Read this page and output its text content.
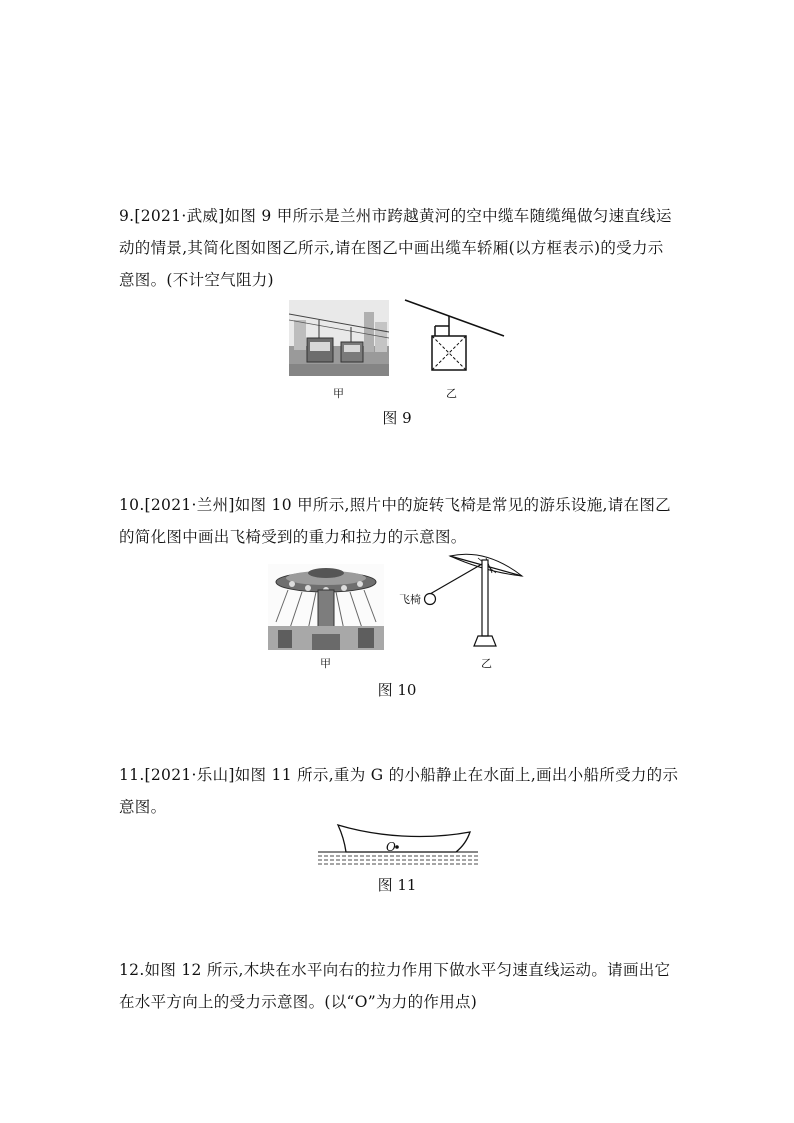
9.[2021·武威]如图 9 甲所示是兰州市跨越黄河的空中缆车随缆绳做匀速直线运动的情景,其简化图如图乙所示,请在图乙中画出缆车轿厢(以方框表示)的受力示意图。(不计空气阻力)

甲	乙
图 9

10.[2021·兰州]如图 10 甲所示,照片中的旋转飞椅是常见的游乐设施,请在图乙的简化图中画出飞椅受到的重力和拉力的示意图。

飞椅
甲	乙
图 10

11.[2021·乐山]如图 11 所示,重为 G 的小船静止在水面上,画出小船所受力的示意图。

O
图 11

12.如图 12 所示,木块在水平向右的拉力作用下做水平匀速直线运动。请画出它在水平方向上的受力示意图。(以“O”为力的作用点)
